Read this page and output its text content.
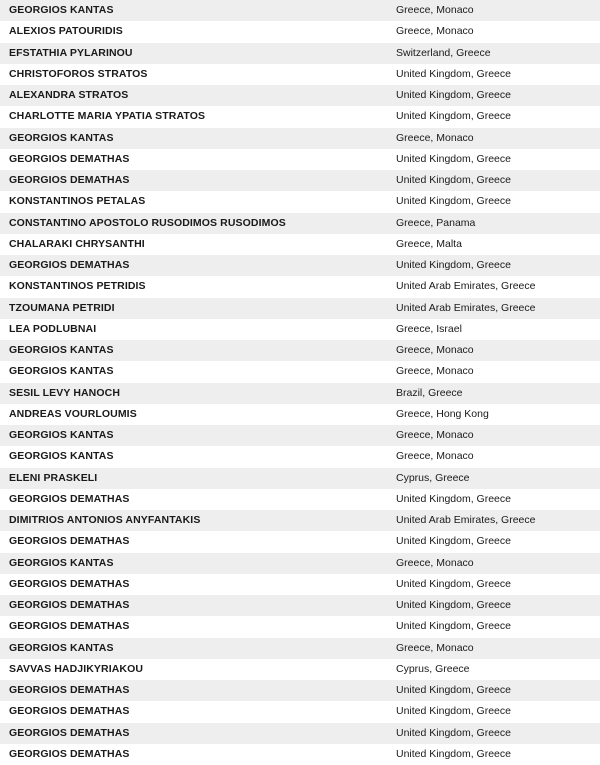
GEORGIOS KANTAS	Greece, Monaco
ALEXIOS PATOURIDIS	Greece, Monaco
EFSTATHIA PYLARINOU	Switzerland, Greece
CHRISTOFOROS STRATOS	United Kingdom, Greece
ALEXANDRA STRATOS	United Kingdom, Greece
CHARLOTTE MARIA YPATIA STRATOS	United Kingdom, Greece
GEORGIOS KANTAS	Greece, Monaco
GEORGIOS DEMATHAS	United Kingdom, Greece
GEORGIOS DEMATHAS	United Kingdom, Greece
KONSTANTINOS PETALAS	United Kingdom, Greece
CONSTANTINO APOSTOLO RUSODIMOS RUSODIMOS	Greece, Panama
CHALARAKI CHRYSANTHI	Greece, Malta
GEORGIOS DEMATHAS	United Kingdom, Greece
KONSTANTINOS PETRIDIS	United Arab Emirates, Greece
TZOUMANA PETRIDI	United Arab Emirates, Greece
LEA PODLUBNAI	Greece, Israel
GEORGIOS KANTAS	Greece, Monaco
GEORGIOS KANTAS	Greece, Monaco
SESIL LEVY HANOCH	Brazil, Greece
ANDREAS VOURLOUMIS	Greece, Hong Kong
GEORGIOS KANTAS	Greece, Monaco
GEORGIOS KANTAS	Greece, Monaco
ELENI PRASKELI	Cyprus, Greece
GEORGIOS DEMATHAS	United Kingdom, Greece
DIMITRIOS ANTONIOS ANYFANTAKIS	United Arab Emirates, Greece
GEORGIOS DEMATHAS	United Kingdom, Greece
GEORGIOS KANTAS	Greece, Monaco
GEORGIOS DEMATHAS	United Kingdom, Greece
GEORGIOS DEMATHAS	United Kingdom, Greece
GEORGIOS DEMATHAS	United Kingdom, Greece
GEORGIOS KANTAS	Greece, Monaco
SAVVAS HADJIKYRIAKOU	Cyprus, Greece
GEORGIOS DEMATHAS	United Kingdom, Greece
GEORGIOS DEMATHAS	United Kingdom, Greece
GEORGIOS DEMATHAS	United Kingdom, Greece
GEORGIOS DEMATHAS	United Kingdom, Greece
